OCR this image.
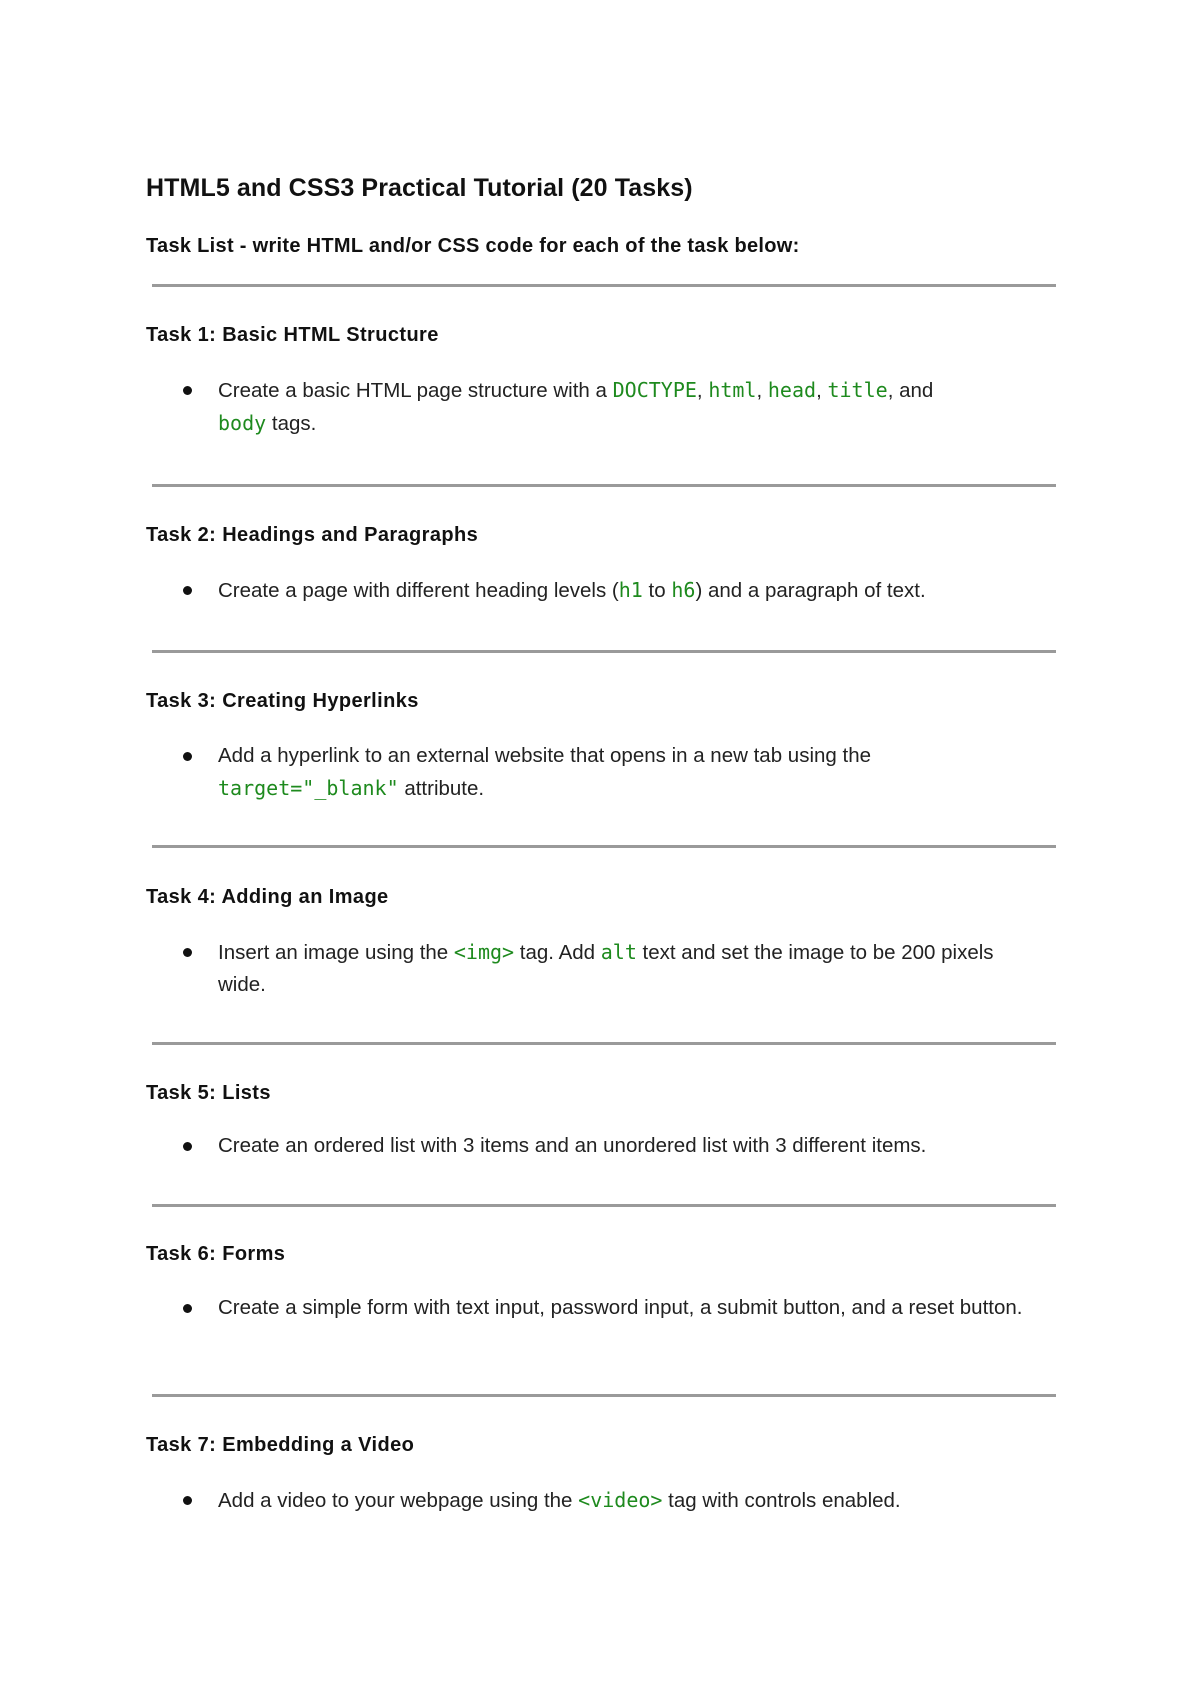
HTML5 and CSS3 Practical Tutorial (20 Tasks)

Task List - write HTML and/or CSS code for each of the task below:

Task 1: Basic HTML Structure

Create a basic HTML page structure with a DOCTYPE, html, head, title, and
body tags.

Task 2: Headings and Paragraphs

Create a page with different heading levels (h1 to h6) and a paragraph of text.

Task 3: Creating Hyperlinks

Add a hyperlink to an external website that opens in a new tab using the
target="_blank" attribute.

Task 4: Adding an Image

Insert an image using the <img> tag. Add alt text and set the image to be 200 pixels wide.

Task 5: Lists

Create an ordered list with 3 items and an unordered list with 3 different items.

Task 6: Forms

Create a simple form with text input, password input, a submit button, and a reset button.

Task 7: Embedding a Video

Add a video to your webpage using the <video> tag with controls enabled.
